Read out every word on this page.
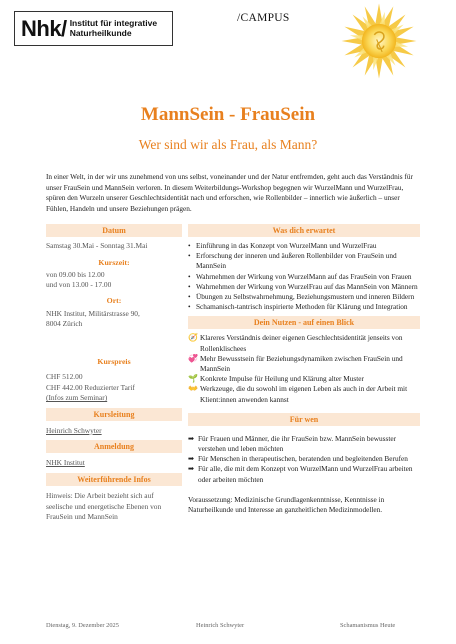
Nhk/ Institut für integrative
Naturheilkunde
/CAMPUS
MannSein - FrauSein
Wer sind wir als Frau, als Mann?
In einer Welt, in der wir uns zunehmend von uns selbst, voneinander und der Natur entfremden, geht auch das Verständnis für unser FrauSein und MannSein verloren. In diesem Weiterbildungs-Workshop begegnen wir WurzelMann und WurzelFrau, spüren den Wurzeln unserer Geschlechtsidentität nach und erforschen, wie Rollenbilder – innerlich wie äußerlich – unser Fühlen, Handeln und unsere Beziehungen prägen.
Datum
Samstag 30.Mai - Sonntag 31.Mai
Kurszeit:
von 09.00 bis 12.00
und von 13.00 - 17.00
Ort:
NHK Institut, Militärstrasse 90,
8004 Zürich
Kurspreis
CHF 512.00
CHF 442.00 Reduzierter Tarif
(Infos zum Seminar)
Kursleitung
Heinrich Schwyter
Anmeldung
NHK Institut
Weiterführende Infos
Hinweis: Die Arbeit bezieht sich auf seelische und energetische Ebenen von FrauSein und MannSein
Was dich erwartet
• Einführung in das Konzept von WurzelMann und WurzelFrau
• Erforschung der inneren und äußeren Rollenbilder von FrauSein und MannSein
• Wahrnehmen der Wirkung von WurzelMann auf das FrauSein von Frauen
• Wahrnehmen der Wirkung von WurzelFrau auf das MannSein von Männern
• Übungen zu Selbstwahrnehmung, Beziehungsmustern und inneren Bildern
• Schamanisch-tantrisch inspirierte Methoden für Klärung und Integration
Dein Nutzen - auf einen Blick
🧭 Klareres Verständnis deiner eigenen Geschlechtsidentität jenseits von Rollenklischees
💞 Mehr Bewusstsein für Beziehungsdynamiken zwischen FrauSein und MannSein
🌱 Konkrete Impulse für Heilung und Klärung alter Muster
👐 Werkzeuge, die du sowohl im eigenen Leben als auch in der Arbeit mit Klient:innen anwenden kannst
Für wen
➡ Für Frauen und Männer, die ihr FrauSein bzw. MannSein bewusster verstehen und leben möchten
➡ Für Menschen in therapeutischen, beratenden und begleitenden Berufen
➡ Für alle, die mit dem Konzept von WurzelMann und WurzelFrau arbeiten oder arbeiten möchten
Voraussetzung: Medizinische Grundlagenkenntnisse, Kenntnisse in Naturheilkunde und Interesse an ganzheitlichen Medizinmodellen.
Dienstag, 9. Dezember 2025	Heinrich Schwyter	Schamanismus Heute
